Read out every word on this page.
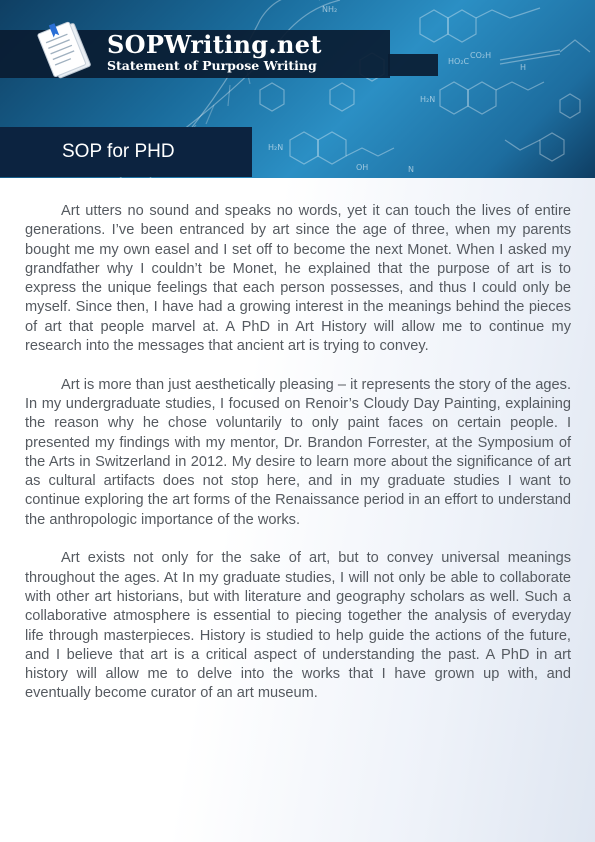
NH₂
CO₂H
HO₂C
H
H₂N
OH
H₂N
N
SOPWriting.net
Statement of Purpose Writing
SOP for PHD

Art utters no sound and speaks no words, yet it can touch the lives of entire generations. I’ve been entranced by art since the age of three, when my parents bought me my own easel and I set off to become the next Monet. When I asked my grandfather why I couldn’t be Monet, he explained that the purpose of art is to express the unique feelings that each person possesses, and thus I could only be myself. Since then, I have had a growing interest in the meanings behind the pieces of art that people marvel at. A PhD in Art History will allow me to continue my research into the messages that ancient art is trying to convey.

Art is more than just aesthetically pleasing – it represents the story of the ages. In my undergraduate studies, I focused on Renoir’s Cloudy Day Painting, explaining the reason why he chose voluntarily to only paint faces on certain people. I presented my findings with my mentor, Dr. Brandon Forrester, at the Symposium of the Arts in Switzerland in 2012. My desire to learn more about the significance of art as cultural artifacts does not stop here, and in my graduate studies I want to continue exploring the art forms of the Renaissance period in an effort to understand the anthropologic importance of the works.

Art exists not only for the sake of art, but to convey universal meanings throughout the ages. At In my graduate studies, I will not only be able to collaborate with other art historians, but with literature and geography scholars as well. Such a collaborative atmosphere is essential to piecing together the analysis of everyday life through masterpieces. History is studied to help guide the actions of the future, and I believe that art is a critical aspect of understanding the past. A PhD in art history will allow me to delve into the works that I have grown up with, and eventually become curator of an art museum.
